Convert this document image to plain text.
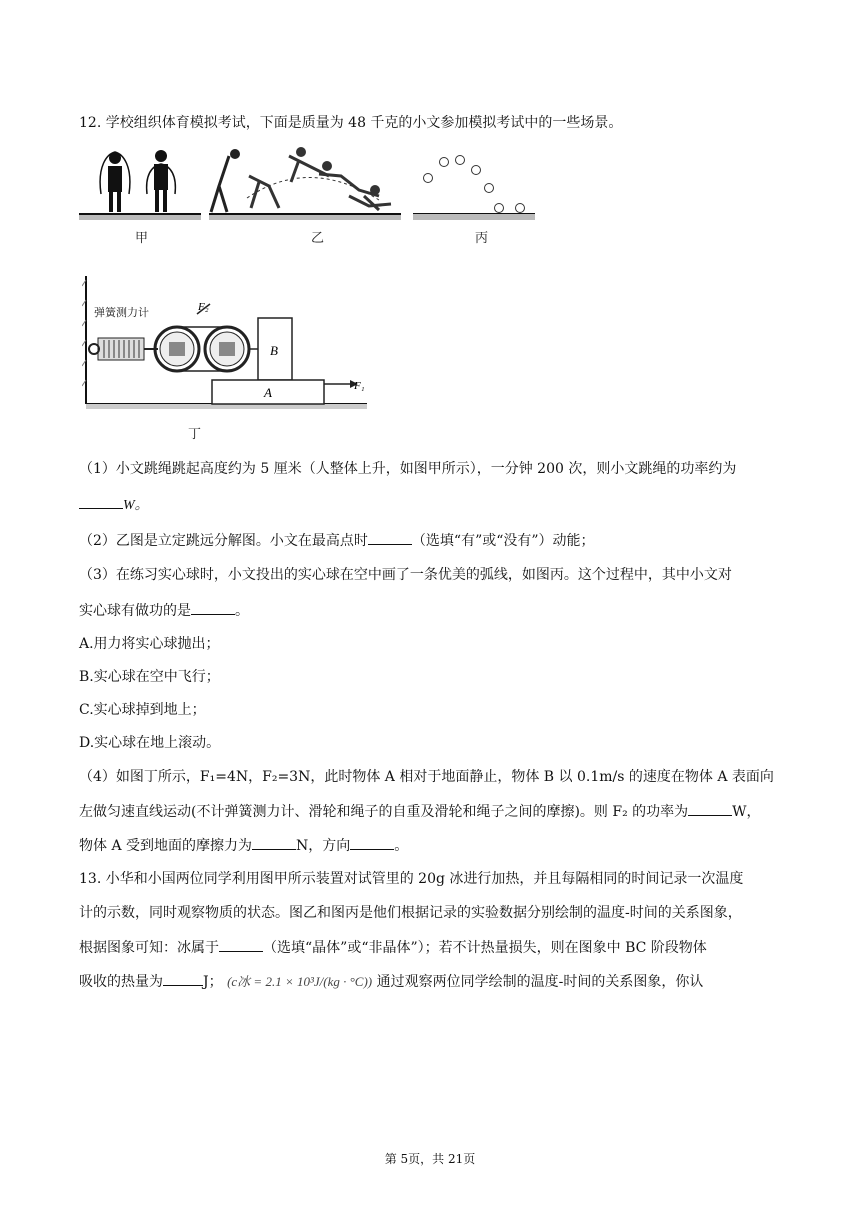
12. 学校组织体育模拟考试，下面是质量为 48 千克的小文参加模拟考试中的一些场景。
甲	乙	丙
弹簧测力计	F₂
B
A	F₁
丁
（1）小文跳绳跳起高度约为 5 厘米（人整体上升，如图甲所示），一分钟 200 次，则小文跳绳的功率约为
W。
（2）乙图是立定跳远分解图。小文在最高点时	（选填“有”或“没有”）动能；
（3）在练习实心球时，小文投出的实心球在空中画了一条优美的弧线，如图丙。这个过程中，其中小文对
实心球有做功的是	。
A.用力将实心球抛出；
B.实心球在空中飞行；
C.实心球掉到地上；
D.实心球在地上滚动。
（4）如图丁所示，F₁=4N，F₂=3N，此时物体 A 相对于地面静止，物体 B 以 0.1m/s 的速度在物体 A 表面向
左做匀速直线运动(不计弹簧测力计、滑轮和绳子的自重及滑轮和绳子之间的摩擦)。则 F₂ 的功率为	W，
物体 A 受到地面的摩擦力为	N，方向	。
13. 小华和小国两位同学利用图甲所示装置对试管里的 20g 冰进行加热，并且每隔相同的时间记录一次温度
计的示数，同时观察物质的状态。图乙和图丙是他们根据记录的实验数据分别绘制的温度-时间的关系图象，
根据图象可知：冰属于	（选填“晶体”或“非晶体”）；若不计热量损失，则在图象中 BC 阶段物体
吸收的热量为	J； (c冰 = 2.1 × 10³J/(kg · °C)) 通过观察两位同学绘制的温度-时间的关系图象，你认
第 5页，共 21页
